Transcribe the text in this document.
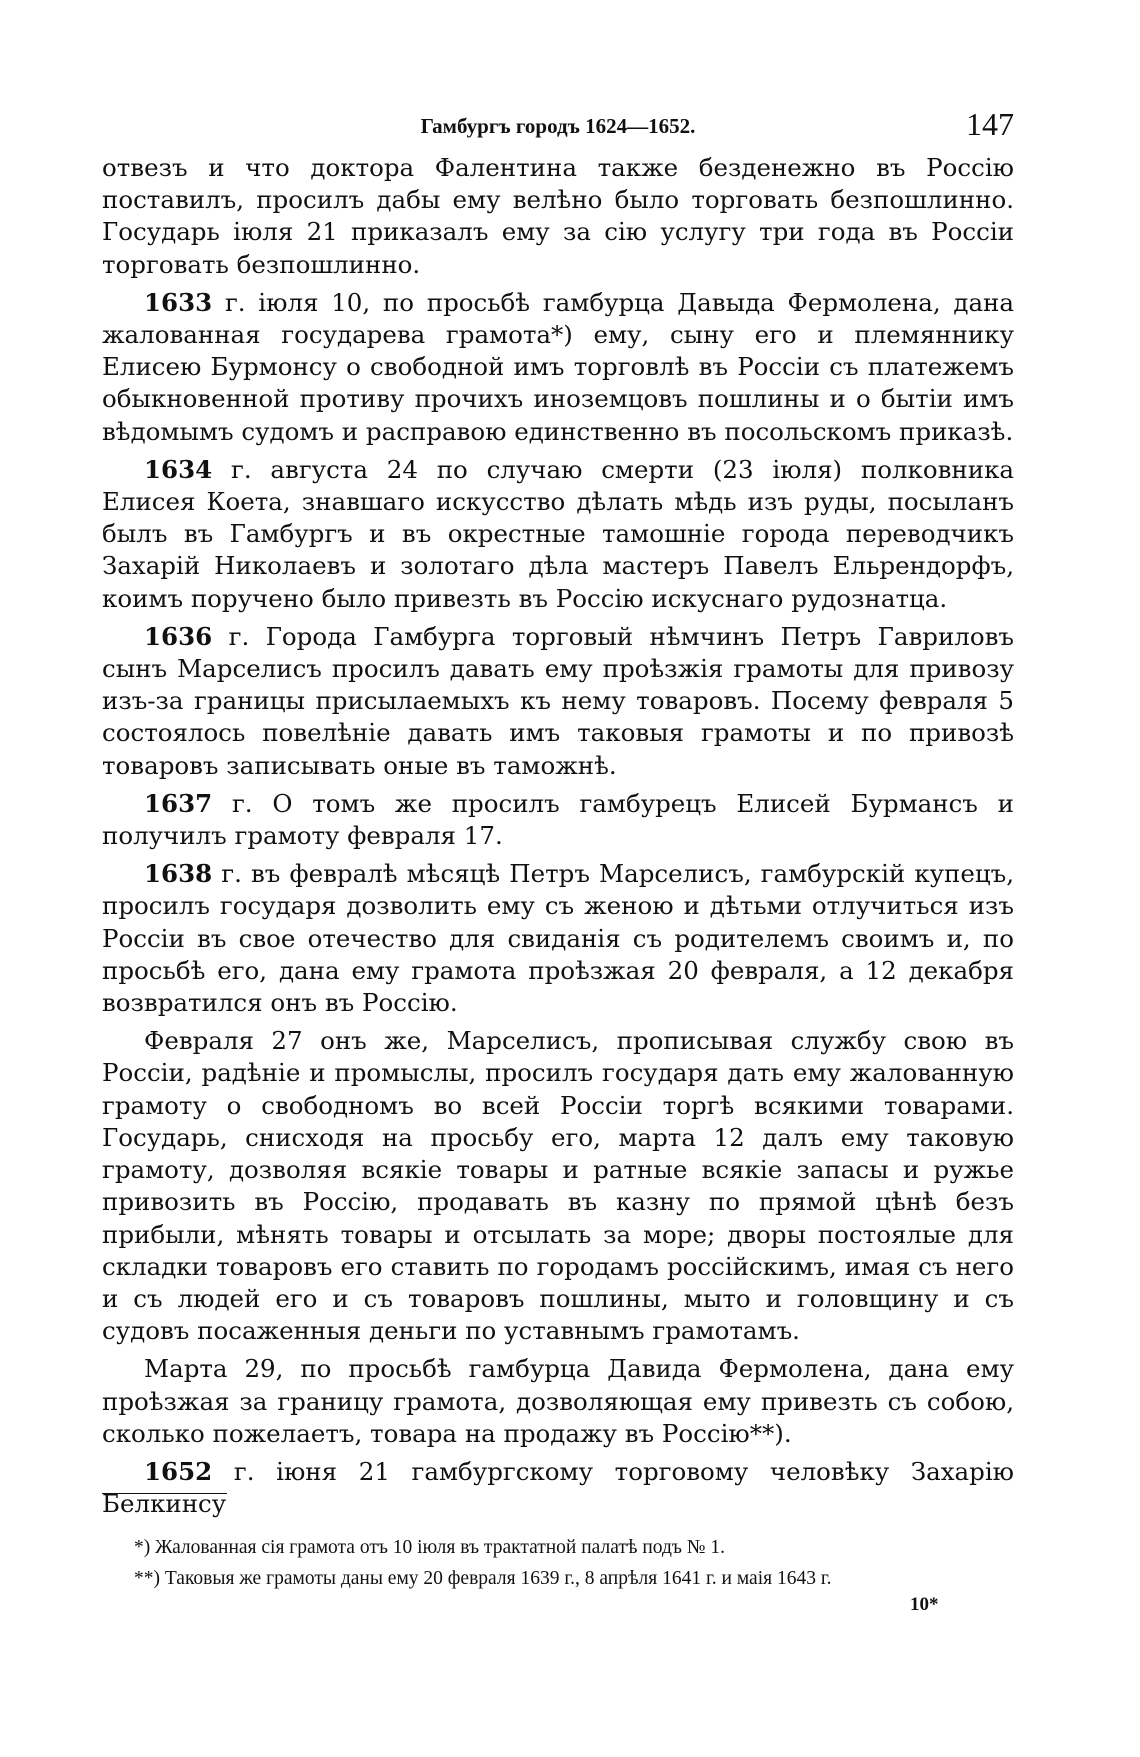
Гамбургъ городъ 1624—1652.	147

отвезъ и что доктора Фалентина также безденежно въ Россію поставилъ, просилъ дабы ему велѣно было торговать безпошлинно. Государь іюля 21 приказалъ ему за сію услугу три года въ Россіи торговать безпошлинно.

1633 г. іюля 10, по просьбѣ гамбурца Давыда Фермолена, дана жалованная государева грамота*) ему, сыну его и племяннику Елисею Бурмонсу о свободной имъ торговлѣ въ Россіи съ платежемъ обыкновенной противу прочихъ иноземцовъ пошлины и о бытіи имъ вѣдомымъ судомъ и расправою единственно въ посольскомъ приказѣ.

1634 г. августа 24 по случаю смерти (23 іюля) полковника Елисея Коета, знавшаго искусство дѣлать мѣдь изъ руды, посыланъ былъ въ Гамбургъ и въ окрестные тамошніе города переводчикъ Захарій Николаевъ и золотаго дѣла мастеръ Павелъ Ельрендорфъ, коимъ поручено было привезть въ Россію искуснаго рудознатца.

1636 г. Города Гамбурга торговый нѣмчинъ Петръ Гавриловъ сынъ Марселисъ просилъ давать ему проѣзжія грамоты для привозу изъ-за границы присылаемыхъ къ нему товаровъ. Посему февраля 5 состоялось повелѣніе давать имъ таковыя грамоты и по привозѣ товаровъ записывать оные въ таможнѣ.

1637 г. О томъ же просилъ гамбурецъ Елисей Бурмансъ и получилъ грамоту февраля 17.

1638 г. въ февралѣ мѣсяцѣ Петръ Марселисъ, гамбурскій купецъ, просилъ государя дозволить ему съ женою и дѣтьми отлучиться изъ Россіи въ свое отечество для свиданія съ родителемъ своимъ и, по просьбѣ его, дана ему грамота проѣзжая 20 февраля, а 12 декабря возвратился онъ въ Россію.

Февраля 27 онъ же, Марселисъ, прописывая службу свою въ Россіи, радѣніе и промыслы, просилъ государя дать ему жалованную грамоту о свободномъ во всей Россіи торгѣ всякими товарами. Государь, снисходя на просьбу его, марта 12 далъ ему таковую грамоту, дозволяя всякіе товары и ратные всякіе запасы и ружье привозить въ Россію, продавать въ казну по прямой цѣнѣ безъ прибыли, мѣнять товары и отсылать за море; дворы постоялые для складки товаровъ его ставить по городамъ россійскимъ, имая съ него и съ людей его и съ товаровъ пошлины, мыто и головщину и съ судовъ посаженныя деньги по уставнымъ грамотамъ.

Марта 29, по просьбѣ гамбурца Давида Фермолена, дана ему проѣзжая за границу грамота, дозволяющая ему привезть съ собою, сколько пожелаетъ, товара на продажу въ Россію**).

1652 г. іюня 21 гамбургскому торговому человѣку Захарію Белкинсу

*) Жалованная сія грамота отъ 10 іюля въ трактатной палатѣ подъ № 1.
**) Таковыя же грамоты даны ему 20 февраля 1639 г., 8 апрѣля 1641 г. и маія 1643 г.
10*
